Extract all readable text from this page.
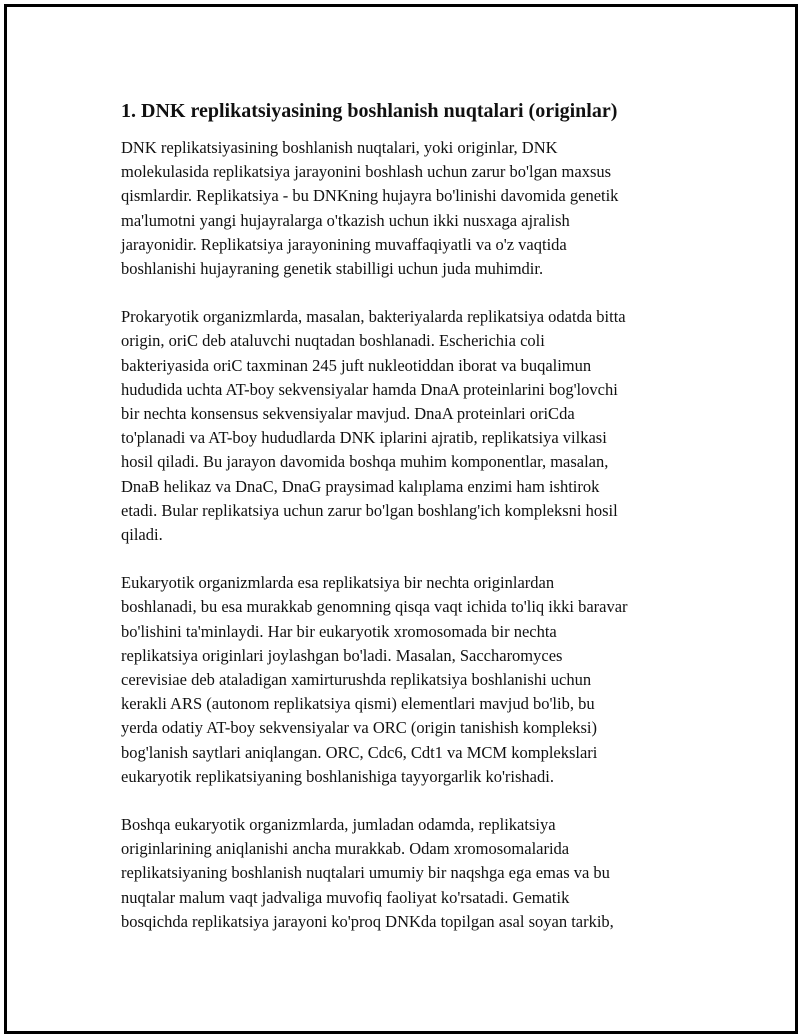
1. DNK replikatsiyasining boshlanish nuqtalari (originlar)

DNK replikatsiyasining boshlanish nuqtalari, yoki originlar, DNK
molekulasida replikatsiya jarayonini boshlash uchun zarur bo'lgan maxsus
qismlardir. Replikatsiya - bu DNKning hujayra bo'linishi davomida genetik
ma'lumotni yangi hujayralarga o'tkazish uchun ikki nusxaga ajralish
jarayonidir. Replikatsiya jarayonining muvaffaqiyatli va o'z vaqtida
boshlanishi hujayraning genetik stabilligi uchun juda muhimdir.

Prokaryotik organizmlarda, masalan, bakteriyalarda replikatsiya odatda bitta
origin, oriC deb ataluvchi nuqtadan boshlanadi. Escherichia coli
bakteriyasida oriC taxminan 245 juft nukleotiddan iborat va buqalimun
hududida uchta AT-boy sekvensiyalar hamda DnaA proteinlarini bog'lovchi
bir nechta konsensus sekvensiyalar mavjud. DnaA proteinlari oriCda
to'planadi va AT-boy hududlarda DNK iplarini ajratib, replikatsiya vilkasi
hosil qiladi. Bu jarayon davomida boshqa muhim komponentlar, masalan,
DnaB helikaz va DnaC, DnaG praysimad kalıplama enzimi ham ishtirok
etadi. Bular replikatsiya uchun zarur bo'lgan boshlang'ich kompleksni hosil
qiladi.

Eukaryotik organizmlarda esa replikatsiya bir nechta originlardan
boshlanadi, bu esa murakkab genomning qisqa vaqt ichida to'liq ikki baravar
bo'lishini ta'minlaydi. Har bir eukaryotik xromosomada bir nechta
replikatsiya originlari joylashgan bo'ladi. Masalan, Saccharomyces
cerevisiae deb ataladigan xamirturushda replikatsiya boshlanishi uchun
kerakli ARS (autonom replikatsiya qismi) elementlari mavjud bo'lib, bu
yerda odatiy AT-boy sekvensiyalar va ORC (origin tanishish kompleksi)
bog'lanish saytlari aniqlangan. ORC, Cdc6, Cdt1 va MCM komplekslari
eukaryotik replikatsiyaning boshlanishiga tayyorgarlik ko'rishadi.

Boshqa eukaryotik organizmlarda, jumladan odamda, replikatsiya
originlarining aniqlanishi ancha murakkab. Odam xromosomalarida
replikatsiyaning boshlanish nuqtalari umumiy bir naqshga ega emas va bu
nuqtalar malum vaqt jadvaliga muvofiq faoliyat ko'rsatadi. Gematik
bosqichda replikatsiya jarayoni ko'proq DNKda topilgan asal soyan tarkib,
